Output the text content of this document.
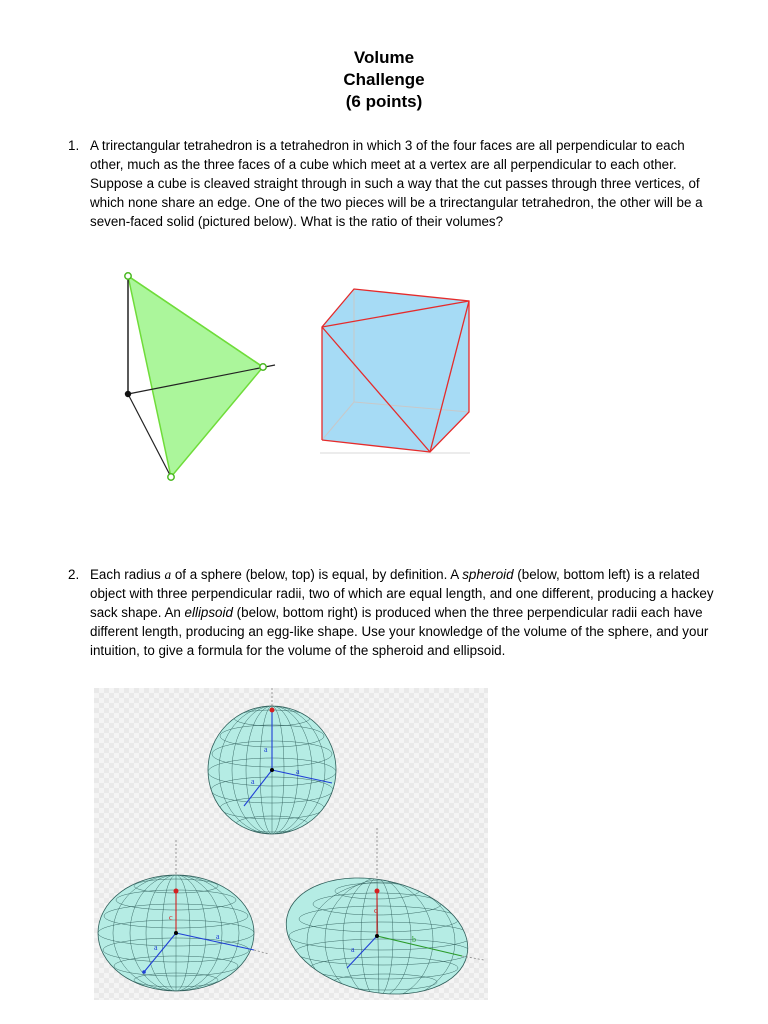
Volume
Challenge
(6 points)
1. A trirectangular tetrahedron is a tetrahedron in which 3 of the four faces are all perpendicular to each other, much as the three faces of a cube which meet at a vertex are all perpendicular to each other. Suppose a cube is cleaved straight through in such a way that the cut passes through three vertices, of which none share an edge. One of the two pieces will be a trirectangular tetrahedron, the other will be a seven-faced solid (pictured below). What is the ratio of their volumes?
2. Each radius a of a sphere (below, top) is equal, by definition. A spheroid (below, bottom left) is a related object with three perpendicular radii, two of which are equal length, and one different, producing a hackey sack shape. An ellipsoid (below, bottom right) is produced when the three perpendicular radii each have different length, producing an egg-like shape. Use your knowledge of the volume of the sphere, and your intuition, to give a formula for the volume of the spheroid and ellipsoid.
a
a
a
c
a
a
c
b
a
